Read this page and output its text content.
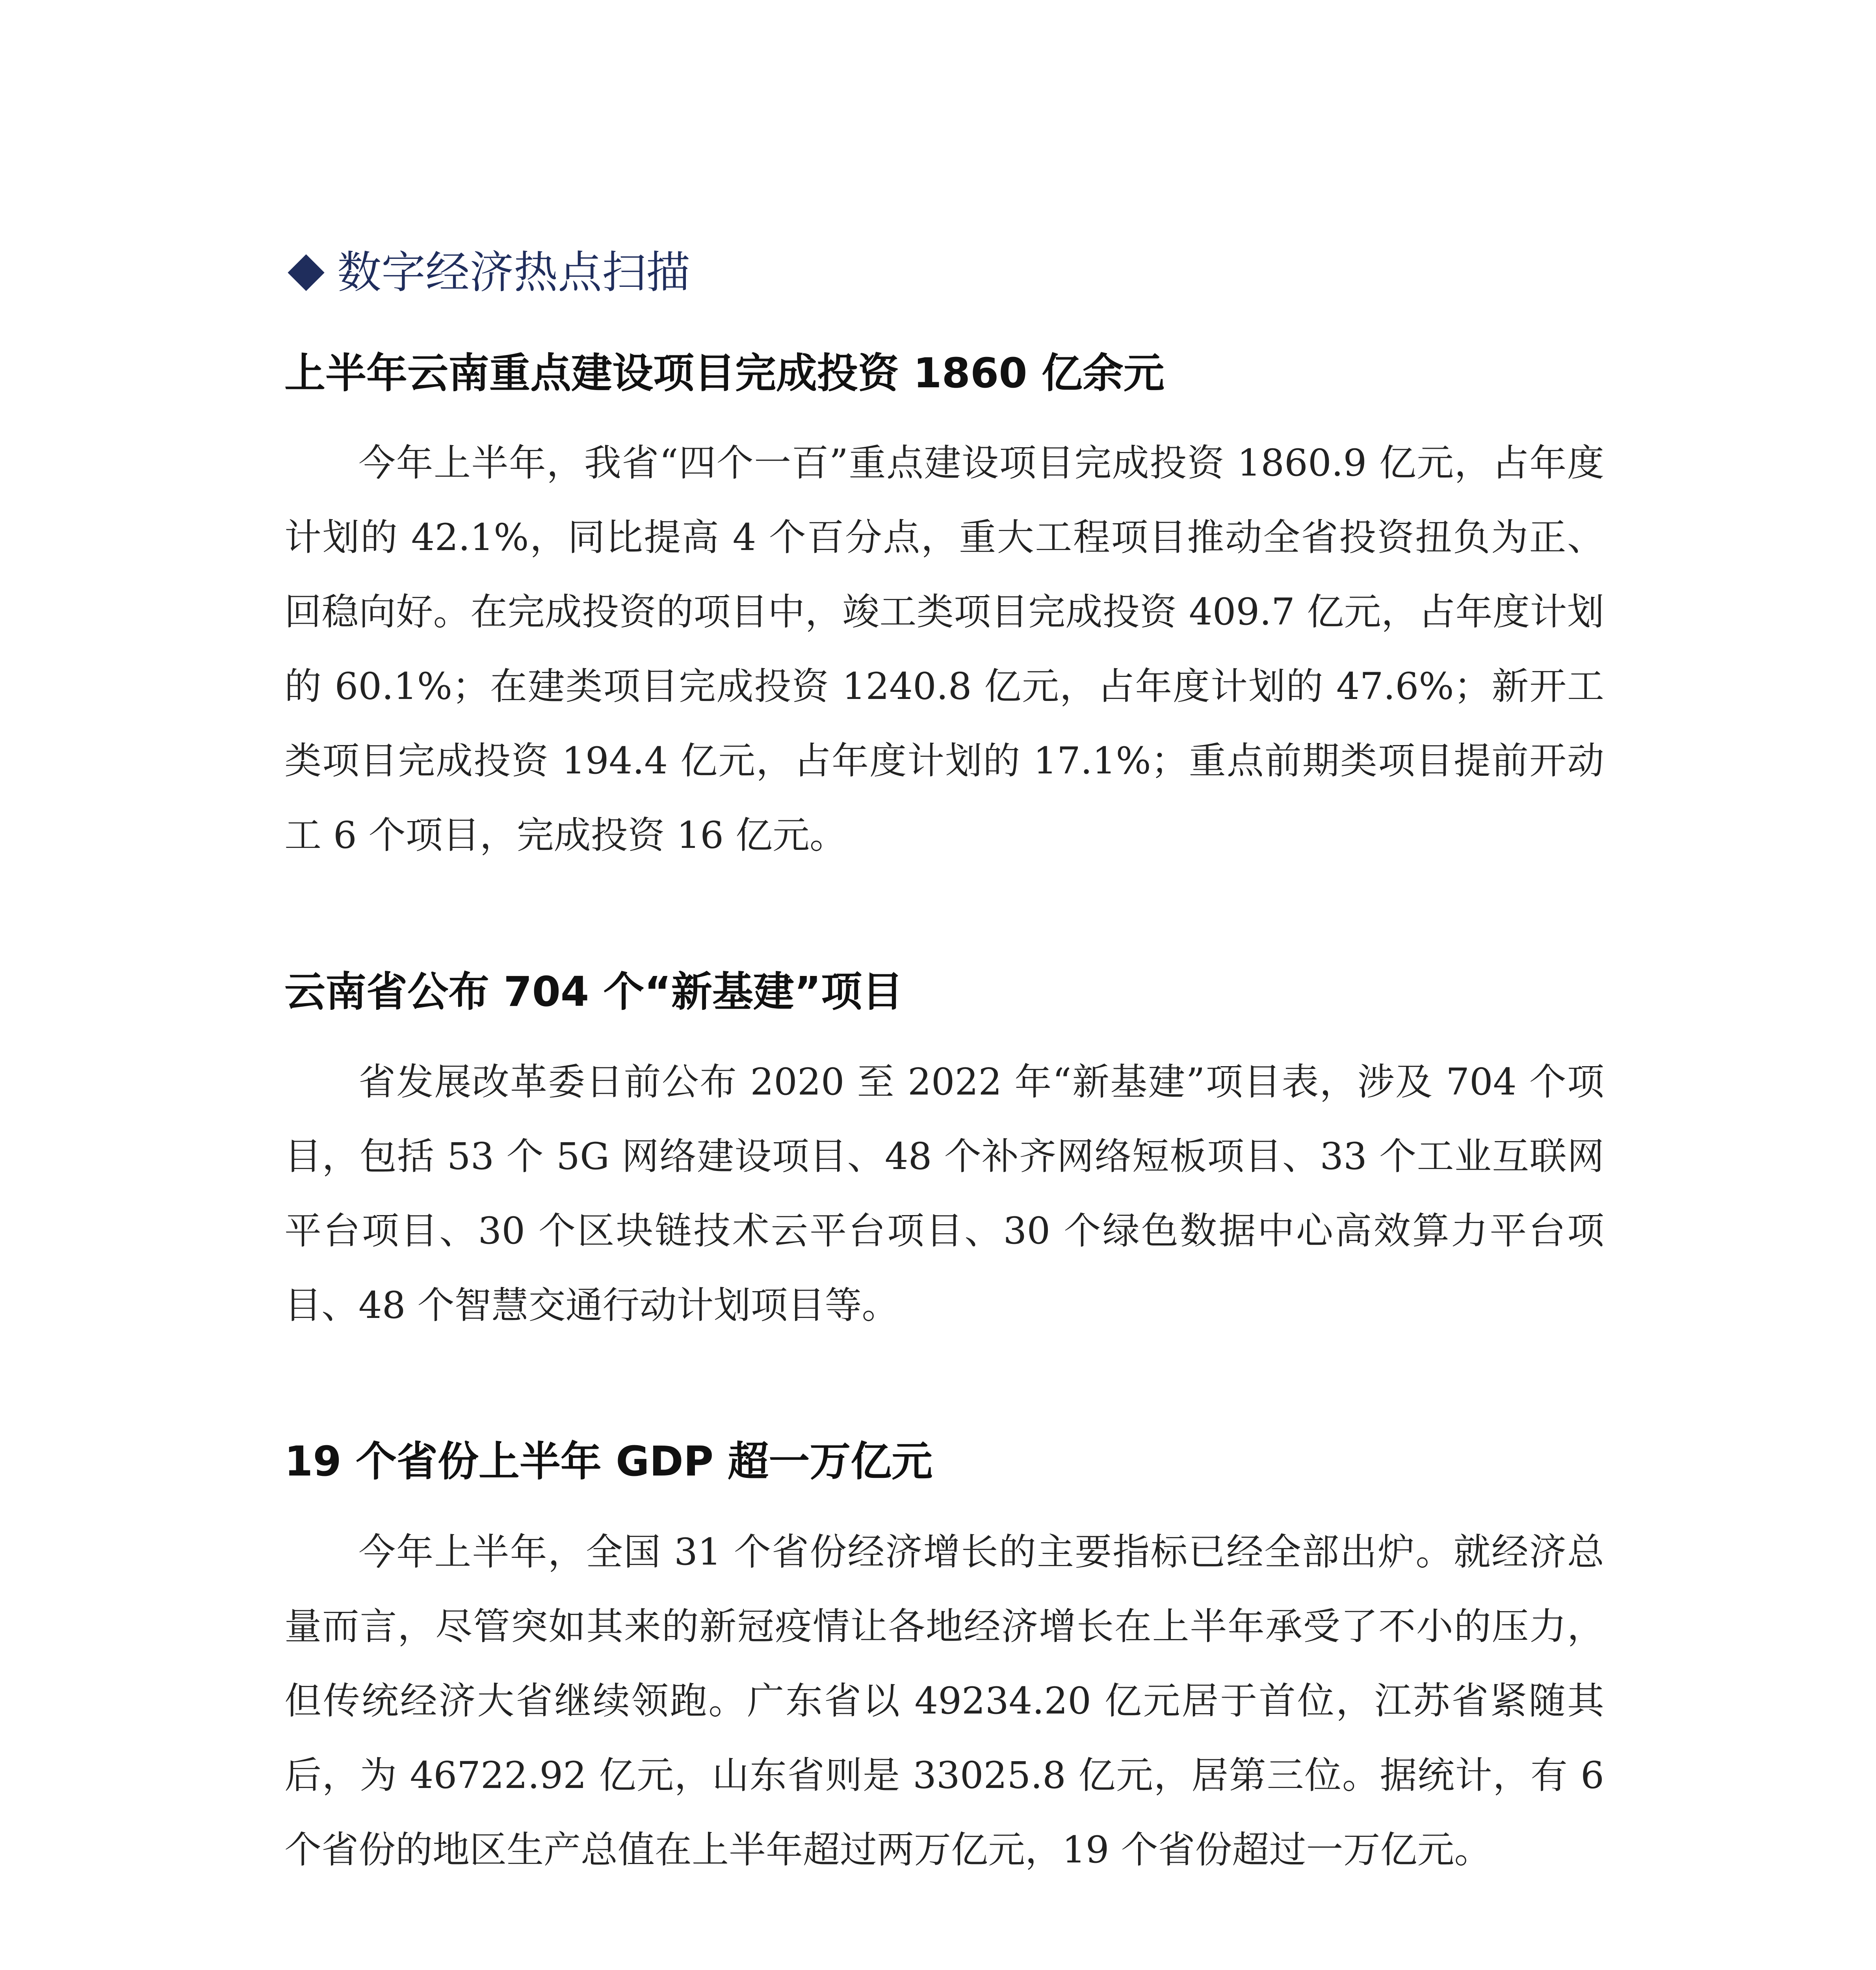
数字经济热点扫描
上半年云南重点建设项目完成投资 1860 亿余元

今年上半年，我省“四个一百”重点建设项目完成投资 1860.9 亿元，占年度计划的 42.1%，同比提高 4 个百分点，重大工程项目推动全省投资扭负为正、回稳向好。在完成投资的项目中，竣工类项目完成投资 409.7 亿元，占年度计划的 60.1%；在建类项目完成投资 1240.8 亿元，占年度计划的 47.6%；新开工类项目完成投资 194.4 亿元，占年度计划的 17.1%；重点前期类项目提前开动工 6 个项目，完成投资 16 亿元。

云南省公布 704 个“新基建”项目

省发展改革委日前公布 2020 至 2022 年“新基建”项目表，涉及 704 个项目，包括 53 个 5G 网络建设项目、48 个补齐网络短板项目、33 个工业互联网平台项目、30 个区块链技术云平台项目、30 个绿色数据中心高效算力平台项目、48 个智慧交通行动计划项目等。

19 个省份上半年 GDP 超一万亿元

今年上半年，全国 31 个省份经济增长的主要指标已经全部出炉。就经济总量而言，尽管突如其来的新冠疫情让各地经济增长在上半年承受了不小的压力，但传统经济大省继续领跑。广东省以 49234.20 亿元居于首位，江苏省紧随其后，为 46722.92 亿元，山东省则是 33025.8 亿元，居第三位。据统计，有 6 个省份的地区生产总值在上半年超过两万亿元，19 个省份超过一万亿元。
